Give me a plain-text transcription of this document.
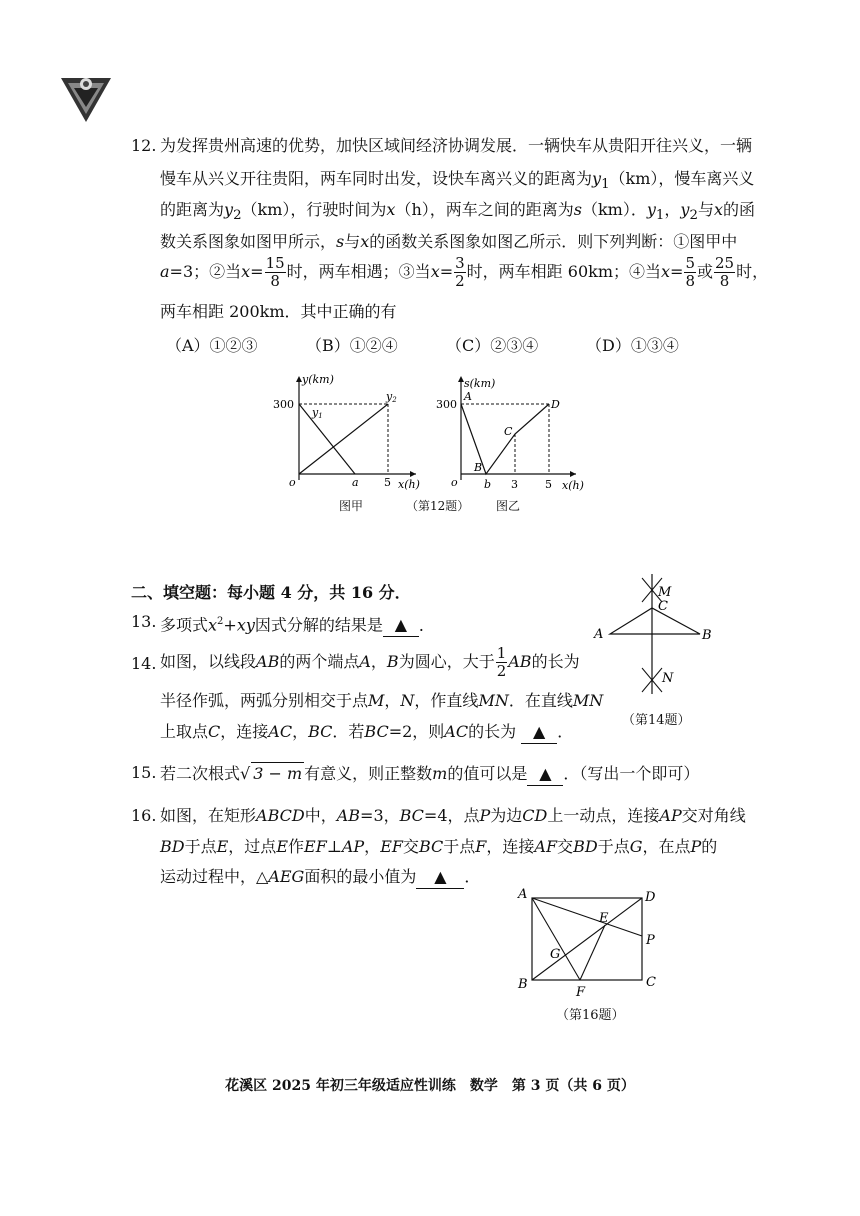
12. 为发挥贵州高速的优势，加快区域间经济协调发展．一辆快车从贵阳开往兴义，一辆
慢车从兴义开往贵阳，两车同时出发，设快车离兴义的距离为$y_1(km)$，慢车离兴义
的距离为$y_2(km)$，行驶时间为x（h），两车之间的距离为s（km）．$y_1$，$y_2$与x的函
数关系图象如图甲所示，s与x的函数关系图象如图乙所示．则下列判断：①图甲中
a=3；②当$x= \frac{15}{8}$ 时，两车相遇；③当$x= \frac{3}{2}$ 时，两车相距 60km；④当$x= \frac{5}{8}$ 或 $\frac{25}{8}$ 时，
两车相距 200km．其中正确的有
（A）①②③	（B）①②④	（C）②③④	（D）①③④
y(km)
300
y1
y2
o	a 5 x(h)
s(km)
300
A
D
C
B
o b 3 5 x(h)
图甲	（第12题） 图乙
二、填空题：每小题 4 分，共 16 分．
13. 多项式$x^2+xy$因式分解的结果是 ▲ ．
14. 如图，以线段AB的两个端点A，B为圆心，大于 $\frac{1}{2}$ AB的长为
半径作弧，两弧分别相交于点M，N，作直线MN．在直线MN
上取点C，连接AC，BC．若BC=2，则AC的长为 ▲ ．
M
C
A	B
N
（第14题）
15. 若二次根式√ 3 − m 有意义，则正整数m的值可以是 ▲ ．（写出一个即可）
16. 如图，在矩形ABCD中，AB=3，BC=4，点P为边CD上一动点，连接AP交对角线
BD于点E，过点E作EF⊥AP，EF交BC于点F，连接AF交BD于点G，在点P的
运动过程中，△AEG面积的最小值为 ▲ ．
A	D
E
P
G
B
F
C
（第16题）
花溪区 2025 年初三年级适应性训练　数学　第 3 页（共 6 页）
